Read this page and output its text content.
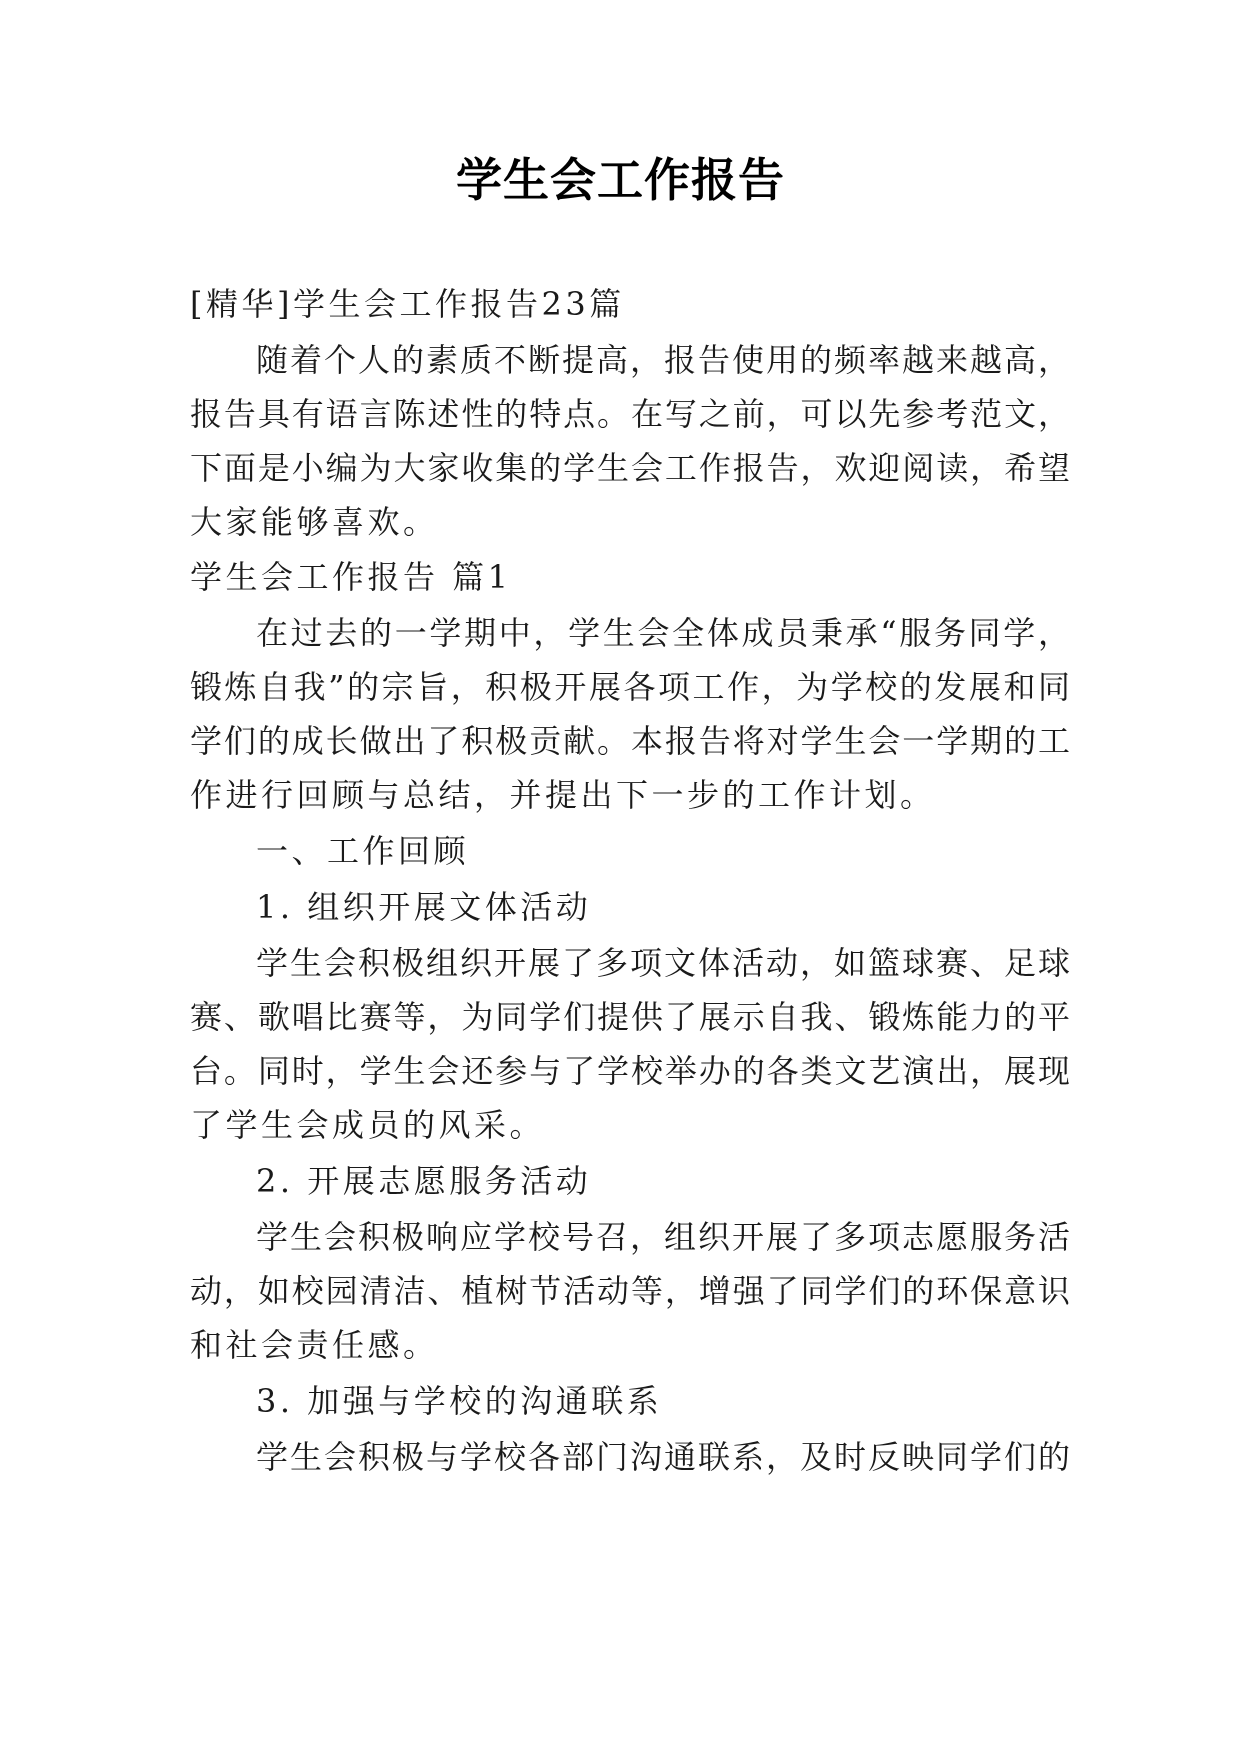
学生会工作报告
[精华]学生会工作报告23篇
随着个人的素质不断提高，报告使用的频率越来越高，
报告具有语言陈述性的特点。在写之前，可以先参考范文，
下面是小编为大家收集的学生会工作报告，欢迎阅读，希望
大家能够喜欢。
学生会工作报告 篇1
在过去的一学期中，学生会全体成员秉承“服务同学，
锻炼自我”的宗旨，积极开展各项工作，为学校的发展和同
学们的成长做出了积极贡献。本报告将对学生会一学期的工
作进行回顾与总结，并提出下一步的工作计划。
一、工作回顾
1. 组织开展文体活动
学生会积极组织开展了多项文体活动，如篮球赛、足球
赛、歌唱比赛等，为同学们提供了展示自我、锻炼能力的平
台。同时，学生会还参与了学校举办的各类文艺演出，展现
了学生会成员的风采。
2. 开展志愿服务活动
学生会积极响应学校号召，组织开展了多项志愿服务活
动，如校园清洁、植树节活动等，增强了同学们的环保意识
和社会责任感。
3. 加强与学校的沟通联系
学生会积极与学校各部门沟通联系，及时反映同学们的
